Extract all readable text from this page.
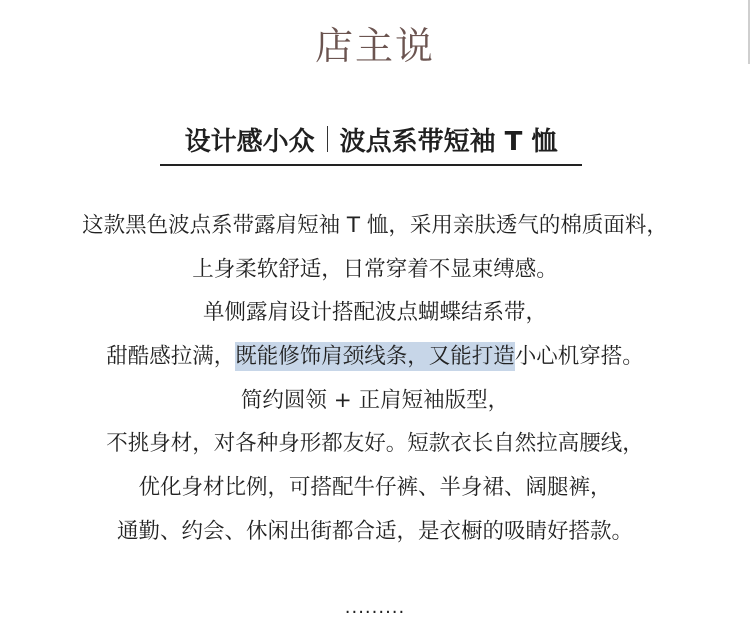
店主说
设计感小众 波点系带短袖 T 恤
这款黑色波点系带露肩短袖 T 恤，采用亲肤透气的棉质面料，
上身柔软舒适，日常穿着不显束缚感。
单侧露肩设计搭配波点蝴蝶结系带，
甜酷感拉满，既能修饰肩颈线条，又能打造小心机穿搭。
简约圆领 + 正肩短袖版型，
不挑身材，对各种身形都友好。短款衣长自然拉高腰线，
优化身材比例，可搭配牛仔裤、半身裙、阔腿裤，
通勤、约会、休闲出街都合适，是衣橱的吸睛好搭款。
·········
